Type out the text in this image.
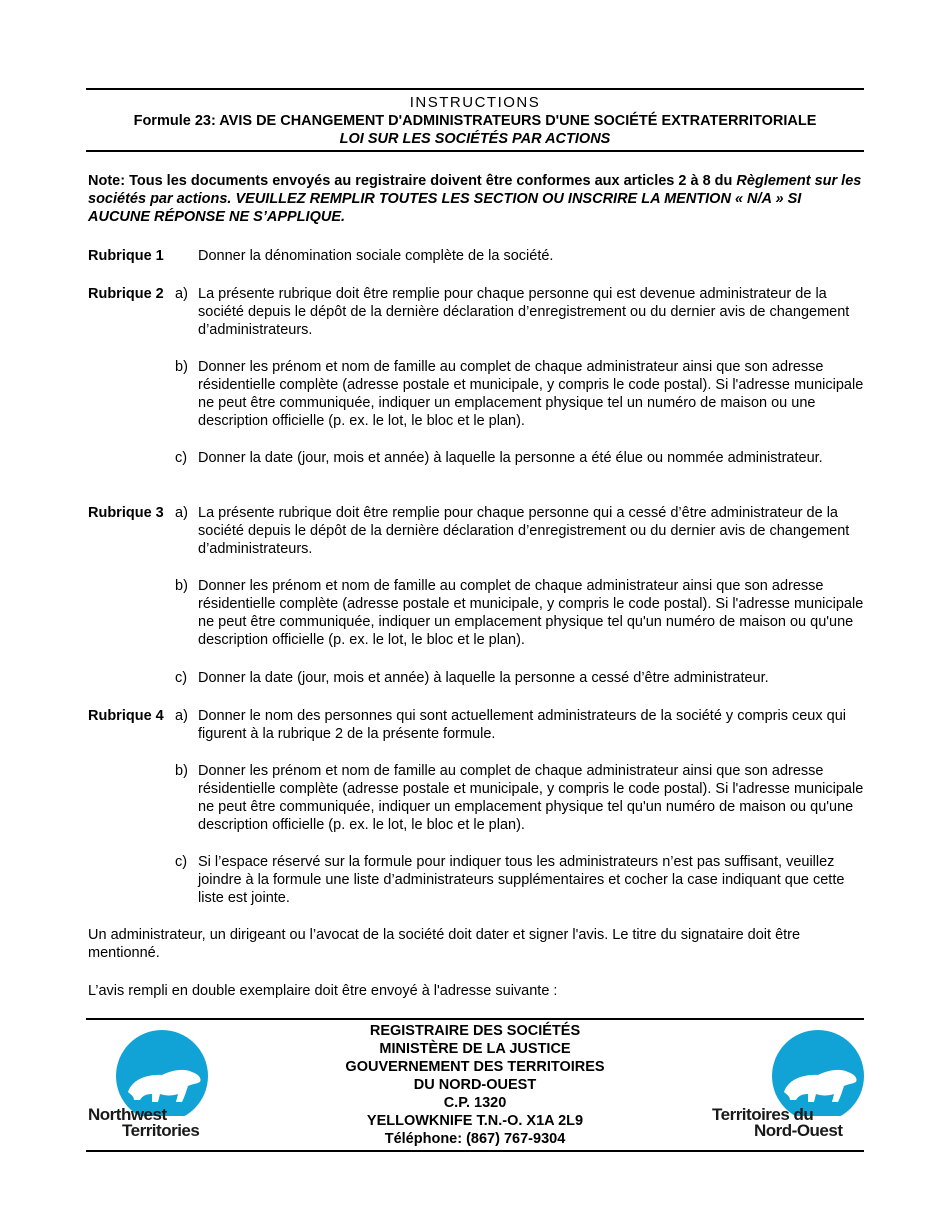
INSTRUCTIONS
Formule 23: AVIS DE CHANGEMENT D'ADMINISTRATEURS D'UNE SOCIÉTÉ EXTRATERRITORIALE
LOI SUR LES SOCIÉTÉS PAR ACTIONS
Note: Tous les documents envoyés au registraire doivent être conformes aux articles 2 à 8 du Règlement sur les sociétés par actions. VEUILLEZ REMPLIR TOUTES LES SECTION OU INSCRIRE LA MENTION « N/A » SI AUCUNE RÉPONSE NE S’APPLIQUE.
Rubrique 1 Donner la dénomination sociale complète de la société.
Rubrique 2 a) La présente rubrique doit être remplie pour chaque personne qui est devenue administrateur de la société depuis le dépôt de la dernière déclaration d’enregistrement ou du dernier avis de changement d’administrateurs.
b) Donner les prénom et nom de famille au complet de chaque administrateur ainsi que son adresse résidentielle complète (adresse postale et municipale, y compris le code postal). Si l'adresse municipale ne peut être communiquée, indiquer un emplacement physique tel un numéro de maison ou une description officielle (p. ex. le lot, le bloc et le plan).
c) Donner la date (jour, mois et année) à laquelle la personne a été élue ou nommée administrateur.
Rubrique 3 a) La présente rubrique doit être remplie pour chaque personne qui a cessé d’être administrateur de la société depuis le dépôt de la dernière déclaration d’enregistrement ou du dernier avis de changement d’administrateurs.
b) Donner les prénom et nom de famille au complet de chaque administrateur ainsi que son adresse résidentielle complète (adresse postale et municipale, y compris le code postal). Si l'adresse municipale ne peut être communiquée, indiquer un emplacement physique tel qu'un numéro de maison ou qu'une description officielle (p. ex. le lot, le bloc et le plan).
c) Donner la date (jour, mois et année) à laquelle la personne a cessé d’être administrateur.
Rubrique 4 a) Donner le nom des personnes qui sont actuellement administrateurs de la société y compris ceux qui figurent à la rubrique 2 de la présente formule.
b) Donner les prénom et nom de famille au complet de chaque administrateur ainsi que son adresse résidentielle complète (adresse postale et municipale, y compris le code postal). Si l'adresse municipale ne peut être communiquée, indiquer un emplacement physique tel qu'un numéro de maison ou qu'une description officielle (p. ex. le lot, le bloc et le plan).
c) Si l’espace réservé sur la formule pour indiquer tous les administrateurs n’est pas suffisant, veuillez joindre à la formule une liste d’administrateurs supplémentaires et cocher la case indiquant que cette liste est jointe.
Un administrateur, un dirigeant ou l’avocat de la société doit dater et signer l'avis. Le titre du signataire doit être mentionné.
L’avis rempli en double exemplaire doit être envoyé à l'adresse suivante :
Northwest
Territories
REGISTRAIRE DES SOCIÉTÉS
MINISTÈRE DE LA JUSTICE
GOUVERNEMENT DES TERRITOIRES
DU NORD-OUEST
C.P. 1320
YELLOWKNIFE T.N.-O. X1A 2L9
Téléphone: (867) 767-9304
Territoires du
Nord-Ouest
